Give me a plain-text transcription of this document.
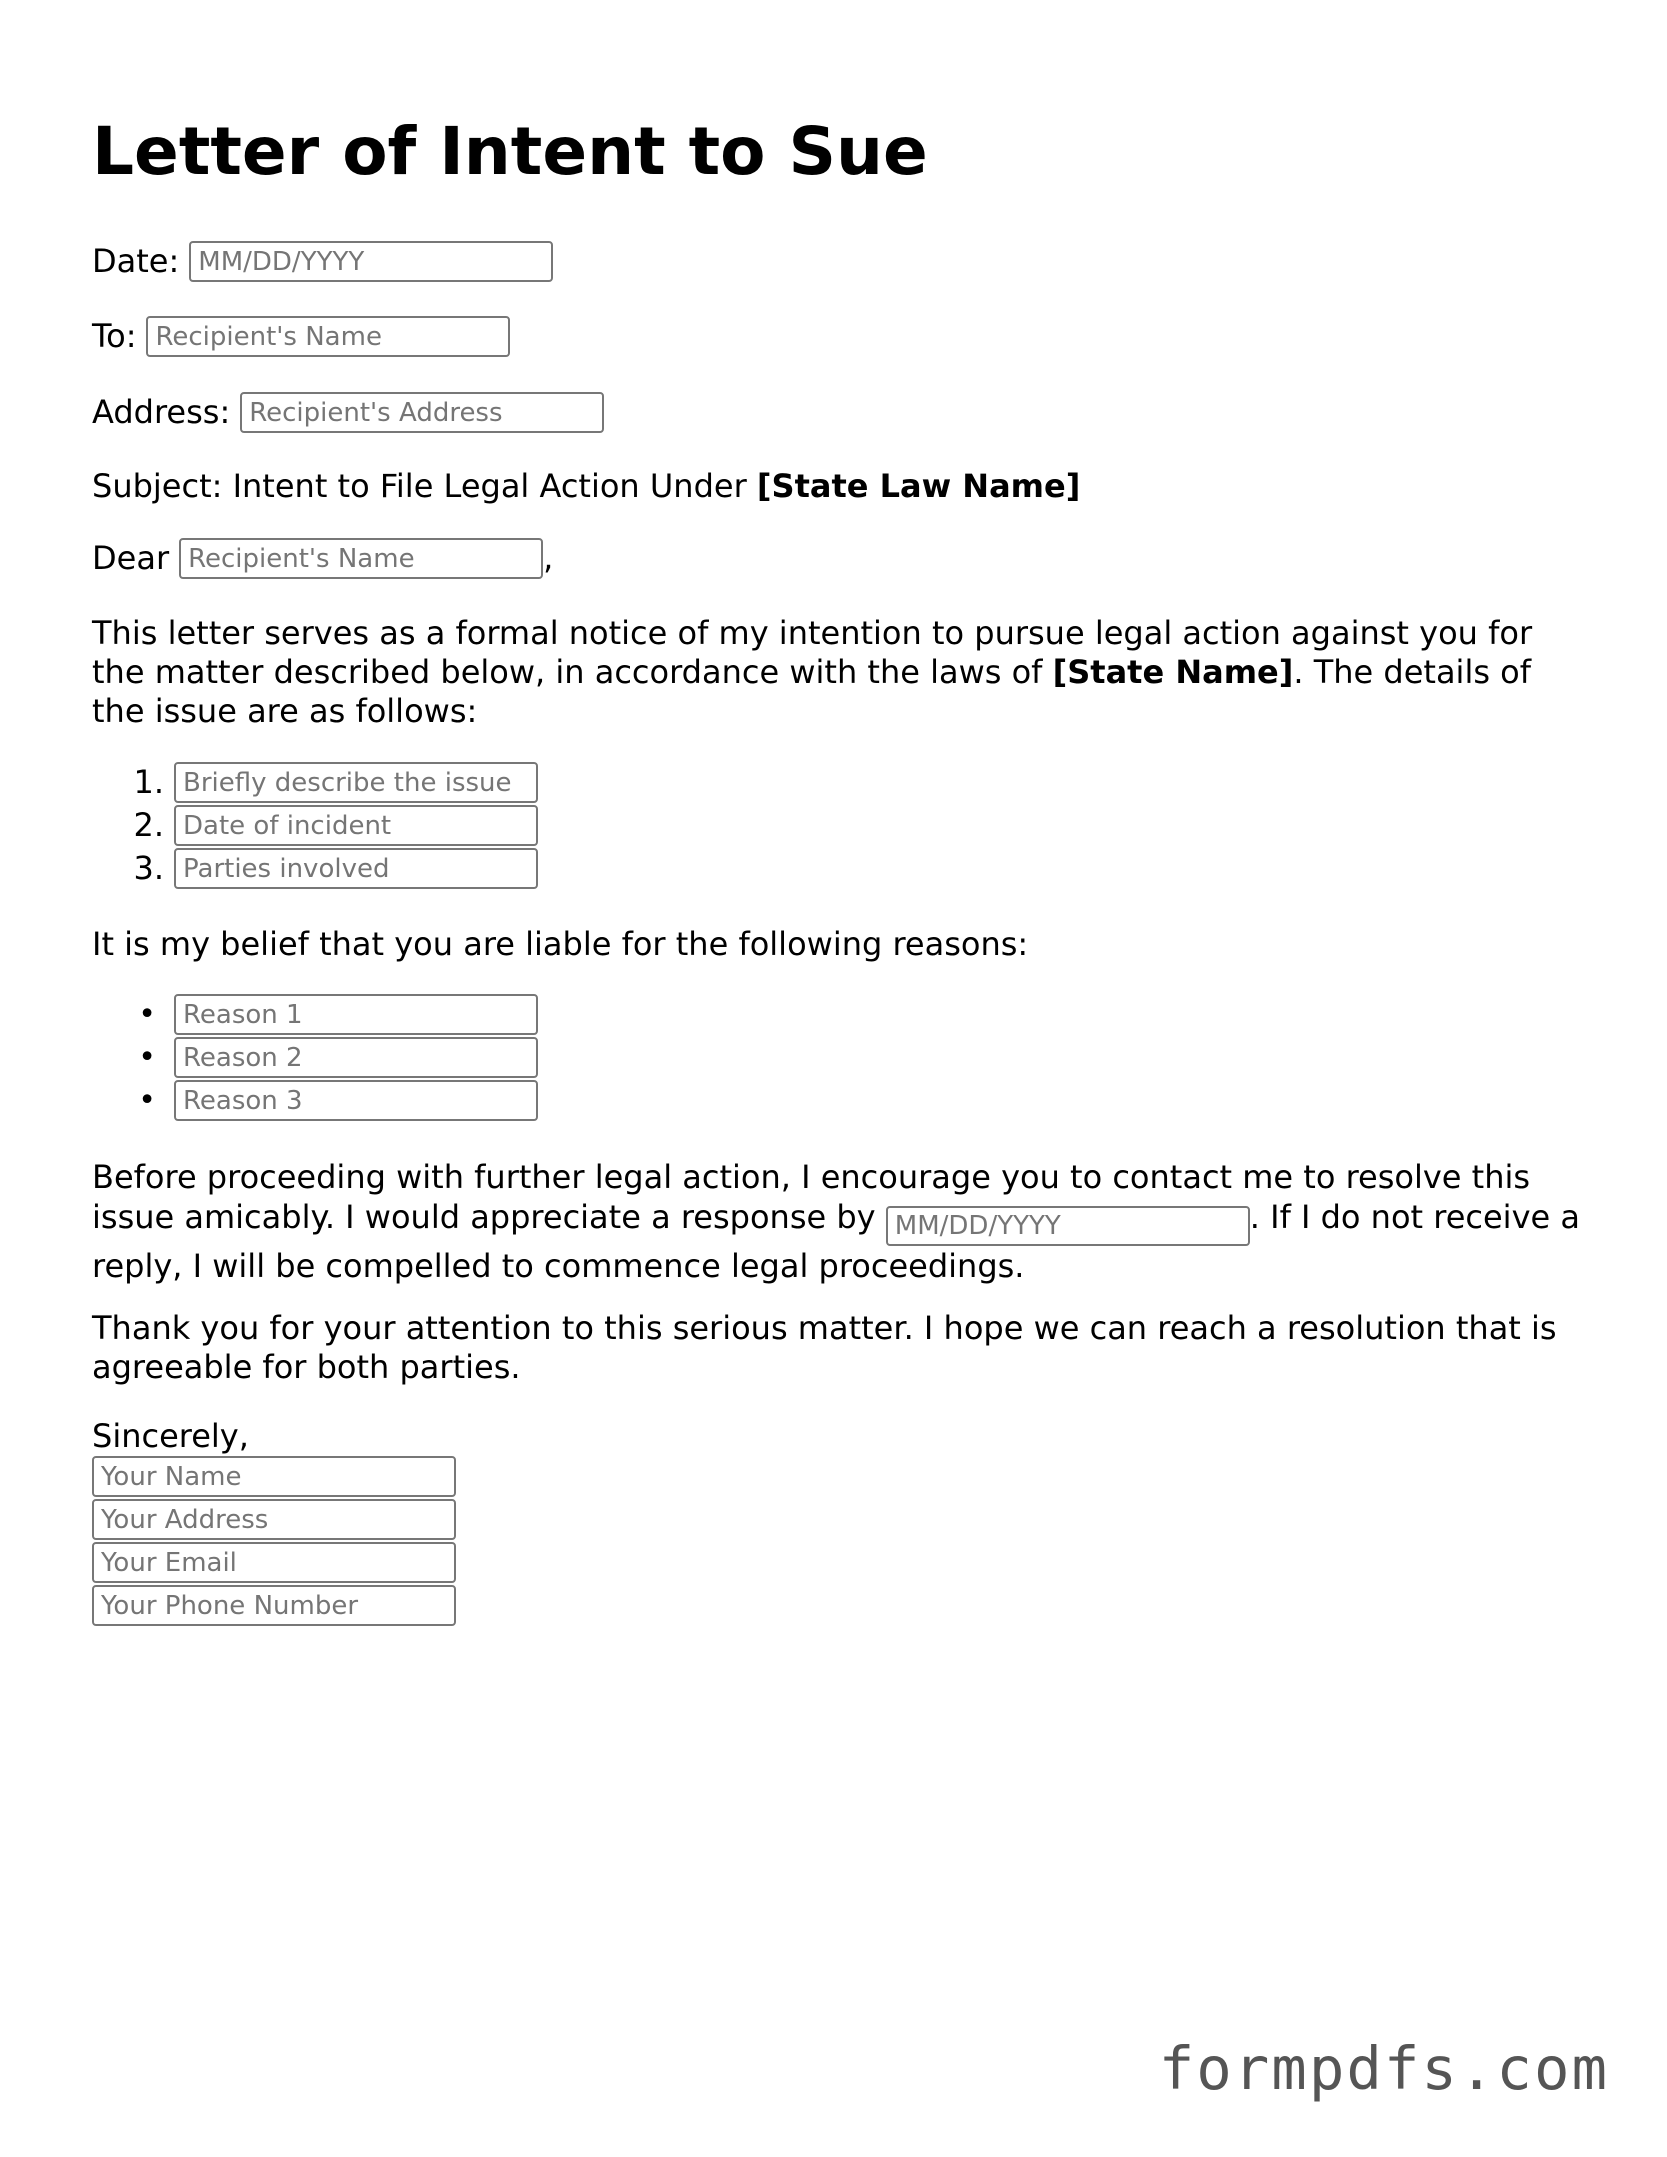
Letter of Intent to Sue
Date:
MM/DD/YYYY
To:
Recipient's Name
Address:
Recipient's Address
Subject: Intent to File Legal Action Under [State Law Name]
Dear
Recipient's Name	,

This letter serves as a formal notice of my intention to pursue legal action against you for the matter described below, in accordance with the laws of [State Name]. The details of the issue are as follows:

1.
Briefly describe the issue
2.
Date of incident
3.
Parties involved

It is my belief that you are liable for the following reasons:

•
Reason 1
•
Reason 2
•
Reason 3

Before proceeding with further legal action, I encourage you to contact me to resolve this issue amicably. I would appreciate a response by MM/DD/YYYY	. If I do not receive a reply, I will be compelled to commence legal proceedings.

Thank you for your attention to this serious matter. I hope we can reach a resolution that is agreeable for both parties.

Sincerely,
Your Name
Your Address
Your Email
Your Phone Number
formpdfs.com
